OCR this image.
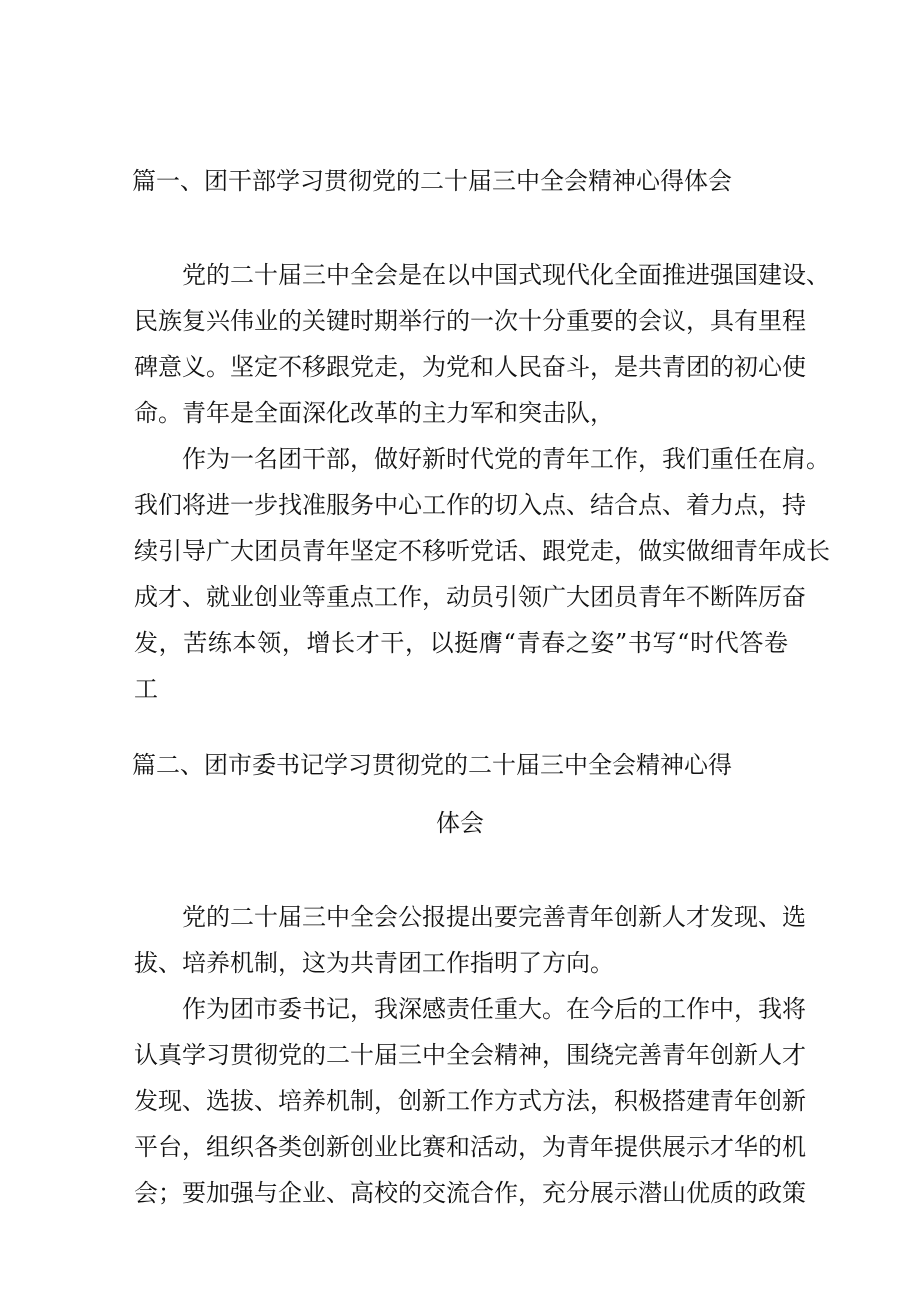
篇一、团干部学习贯彻党的二十届三中全会精神心得体会
党的二十届三中全会是在以中国式现代化全面推进强国建设、
民族复兴伟业的关键时期举行的一次十分重要的会议，具有里程
碑意义。坚定不移跟党走，为党和人民奋斗，是共青团的初心使
命。青年是全面深化改革的主力军和突击队，
作为一名团干部，做好新时代党的青年工作，我们重任在肩。
我们将进一步找准服务中心工作的切入点、结合点、着力点，持
续引导广大团员青年坚定不移听党话、跟党走，做实做细青年成长
成才、就业创业等重点工作，动员引领广大团员青年不断阵厉奋
发，苦练本领，增长才干，以挺膺“青春之姿”书写“时代答卷
工
篇二、团市委书记学习贯彻党的二十届三中全会精神心得
体会
党的二十届三中全会公报提出要完善青年创新人才发现、选
拔、培养机制，这为共青团工作指明了方向。
作为团市委书记，我深感责任重大。在今后的工作中，我将
认真学习贯彻党的二十届三中全会精神，围绕完善青年创新人才
发现、选拔、培养机制，创新工作方式方法，积极搭建青年创新
平台，组织各类创新创业比赛和活动，为青年提供展示才华的机
会；要加强与企业、高校的交流合作，充分展示潜山优质的政策
